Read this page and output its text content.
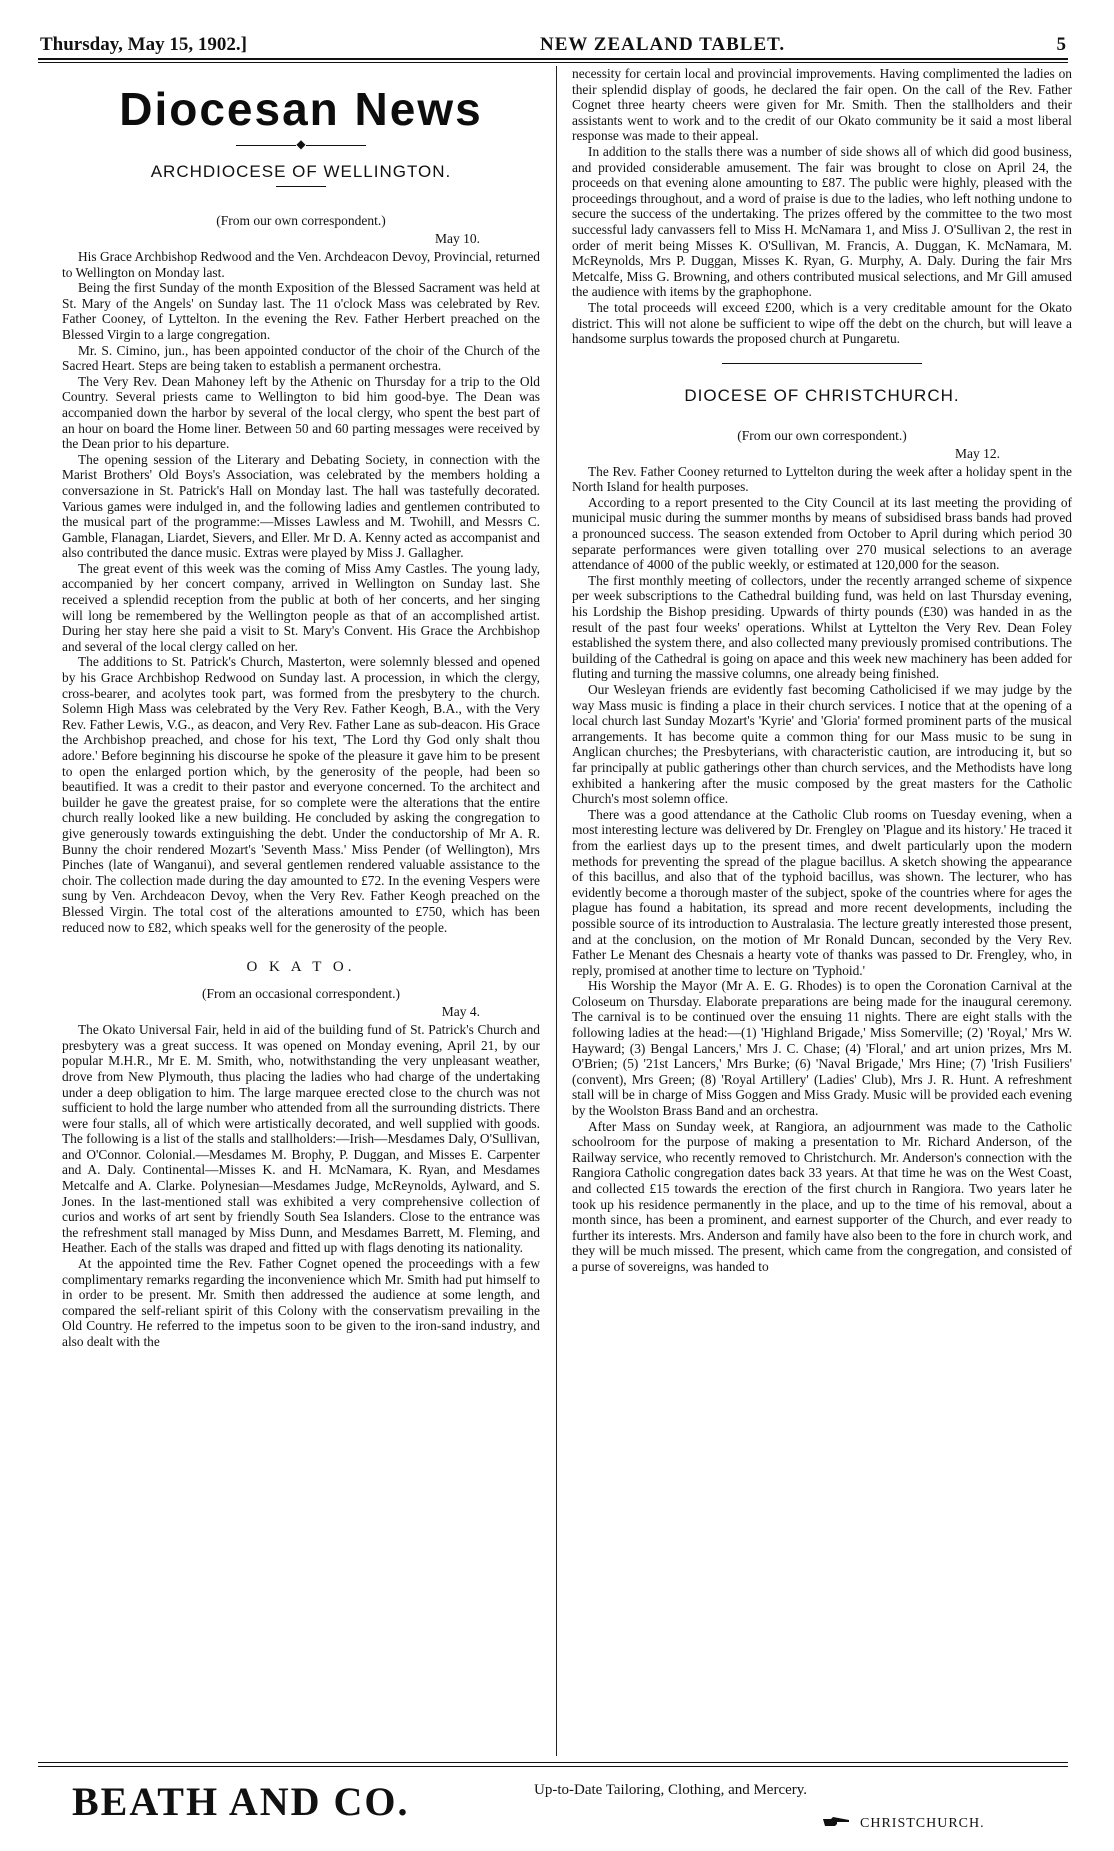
Thursday, May 15, 1902.]	NEW ZEALAND TABLET.	5
Diocesan News
◆
ARCHDIOCESE OF WELLINGTON.
(From our own correspondent.)
May 10.

His Grace Archbishop Redwood and the Ven. Archdeacon Devoy, Provincial, returned to Wellington on Monday last.

Being the first Sunday of the month Exposition of the Blessed Sacrament was held at St. Mary of the Angels' on Sunday last. The 11 o'clock Mass was celebrated by Rev. Father Cooney, of Lyttelton. In the evening the Rev. Father Herbert preached on the Blessed Virgin to a large congregation.

Mr. S. Cimino, jun., has been appointed conductor of the choir of the Church of the Sacred Heart. Steps are being taken to establish a permanent orchestra.

The Very Rev. Dean Mahoney left by the Athenic on Thursday for a trip to the Old Country. Several priests came to Wellington to bid him good-bye. The Dean was accompanied down the harbor by several of the local clergy, who spent the best part of an hour on board the Home liner. Between 50 and 60 parting messages were received by the Dean prior to his departure.

The opening session of the Literary and Debating Society, in connection with the Marist Brothers' Old Boys's Association, was celebrated by the members holding a conversazione in St. Patrick's Hall on Monday last. The hall was tastefully decorated. Various games were indulged in, and the following ladies and gentlemen contributed to the musical part of the programme:—Misses Lawless and M. Twohill, and Messrs C. Gamble, Flanagan, Liardet, Sievers, and Eller. Mr D. A. Kenny acted as accompanist and also contributed the dance music. Extras were played by Miss J. Gallagher.

The great event of this week was the coming of Miss Amy Castles. The young lady, accompanied by her concert company, arrived in Wellington on Sunday last. She received a splendid reception from the public at both of her concerts, and her singing will long be remembered by the Wellington people as that of an accomplished artist. During her stay here she paid a visit to St. Mary's Convent. His Grace the Archbishop and several of the local clergy called on her.

The additions to St. Patrick's Church, Masterton, were solemnly blessed and opened by his Grace Archbishop Redwood on Sunday last. A procession, in which the clergy, cross-bearer, and acolytes took part, was formed from the presbytery to the church. Solemn High Mass was celebrated by the Very Rev. Father Keogh, B.A., with the Very Rev. Father Lewis, V.G., as deacon, and Very Rev. Father Lane as sub-deacon. His Grace the Archbishop preached, and chose for his text, 'The Lord thy God only shalt thou adore.' Before beginning his discourse he spoke of the pleasure it gave him to be present to open the enlarged portion which, by the generosity of the people, had been so beautified. It was a credit to their pastor and everyone concerned. To the architect and builder he gave the greatest praise, for so complete were the alterations that the entire church really looked like a new building. He concluded by asking the congregation to give generously towards extinguishing the debt. Under the conductorship of Mr A. R. Bunny the choir rendered Mozart's 'Seventh Mass.' Miss Pender (of Wellington), Mrs Pinches (late of Wanganui), and several gentlemen rendered valuable assistance to the choir. The collection made during the day amounted to £72. In the evening Vespers were sung by Ven. Archdeacon Devoy, when the Very Rev. Father Keogh preached on the Blessed Virgin. The total cost of the alterations amounted to £750, which has been reduced now to £82, which speaks well for the generosity of the people.

O K A T O.
(From an occasional correspondent.)
May 4.

The Okato Universal Fair, held in aid of the building fund of St. Patrick's Church and presbytery was a great success. It was opened on Monday evening, April 21, by our popular M.H.R., Mr E. M. Smith, who, notwithstanding the very unpleasant weather, drove from New Plymouth, thus placing the ladies who had charge of the undertaking under a deep obligation to him. The large marquee erected close to the church was not sufficient to hold the large number who attended from all the surrounding districts. There were four stalls, all of which were artistically decorated, and well supplied with goods. The following is a list of the stalls and stallholders:—Irish—Mesdames Daly, O'Sullivan, and O'Connor. Colonial.—Mesdames M. Brophy, P. Duggan, and Misses E. Carpenter and A. Daly. Continental—Misses K. and H. McNamara, K. Ryan, and Mesdames Metcalfe and A. Clarke. Polynesian—Mesdames Judge, McReynolds, Aylward, and S. Jones. In the last-mentioned stall was exhibited a very comprehensive collection of curios and works of art sent by friendly South Sea Islanders. Close to the entrance was the refreshment stall managed by Miss Dunn, and Mesdames Barrett, M. Fleming, and Heather. Each of the stalls was draped and fitted up with flags denoting its nationality.

At the appointed time the Rev. Father Cognet opened the proceedings with a few complimentary remarks regarding the inconvenience which Mr. Smith had put himself to in order to be present. Mr. Smith then addressed the audience at some length, and compared the self-reliant spirit of this Colony with the conservatism prevailing in the Old Country. He referred to the impetus soon to be given to the iron-sand industry, and also dealt with the

necessity for certain local and provincial improvements. Having complimented the ladies on their splendid display of goods, he declared the fair open. On the call of the Rev. Father Cognet three hearty cheers were given for Mr. Smith. Then the stallholders and their assistants went to work and to the credit of our Okato community be it said a most liberal response was made to their appeal.

In addition to the stalls there was a number of side shows all of which did good business, and provided considerable amusement. The fair was brought to close on April 24, the proceeds on that evening alone amounting to £87. The public were highly, pleased with the proceedings throughout, and a word of praise is due to the ladies, who left nothing undone to secure the success of the undertaking. The prizes offered by the committee to the two most successful lady canvassers fell to Miss H. McNamara 1, and Miss J. O'Sullivan 2, the rest in order of merit being Misses K. O'Sullivan, M. Francis, A. Duggan, K. McNamara, M. McReynolds, Mrs P. Duggan, Misses K. Ryan, G. Murphy, A. Daly. During the fair Mrs Metcalfe, Miss G. Browning, and others contributed musical selections, and Mr Gill amused the audience with items by the graphophone.

The total proceeds will exceed £200, which is a very creditable amount for the Okato district. This will not alone be sufficient to wipe off the debt on the church, but will leave a handsome surplus towards the proposed church at Pungaretu.

DIOCESE OF CHRISTCHURCH.
(From our own correspondent.)
May 12.

The Rev. Father Cooney returned to Lyttelton during the week after a holiday spent in the North Island for health purposes.

According to a report presented to the City Council at its last meeting the providing of municipal music during the summer months by means of subsidised brass bands had proved a pronounced success. The season extended from October to April during which period 30 separate performances were given totalling over 270 musical selections to an average attendance of 4000 of the public weekly, or estimated at 120,000 for the season.

The first monthly meeting of collectors, under the recently arranged scheme of sixpence per week subscriptions to the Cathedral building fund, was held on last Thursday evening, his Lordship the Bishop presiding. Upwards of thirty pounds (£30) was handed in as the result of the past four weeks' operations. Whilst at Lyttelton the Very Rev. Dean Foley established the system there, and also collected many previously promised contributions. The building of the Cathedral is going on apace and this week new machinery has been added for fluting and turning the massive columns, one already being finished.

Our Wesleyan friends are evidently fast becoming Catholicised if we may judge by the way Mass music is finding a place in their church services. I notice that at the opening of a local church last Sunday Mozart's 'Kyrie' and 'Gloria' formed prominent parts of the musical arrangements. It has become quite a common thing for our Mass music to be sung in Anglican churches; the Presbyterians, with characteristic caution, are introducing it, but so far principally at public gatherings other than church services, and the Methodists have long exhibited a hankering after the music composed by the great masters for the Catholic Church's most solemn office.

There was a good attendance at the Catholic Club rooms on Tuesday evening, when a most interesting lecture was delivered by Dr. Frengley on 'Plague and its history.' He traced it from the earliest days up to the present times, and dwelt particularly upon the modern methods for preventing the spread of the plague bacillus. A sketch showing the appearance of this bacillus, and also that of the typhoid bacillus, was shown. The lecturer, who has evidently become a thorough master of the subject, spoke of the countries where for ages the plague has found a habitation, its spread and more recent developments, including the possible source of its introduction to Australasia. The lecture greatly interested those present, and at the conclusion, on the motion of Mr Ronald Duncan, seconded by the Very Rev. Father Le Menant des Chesnais a hearty vote of thanks was passed to Dr. Frengley, who, in reply, promised at another time to lecture on 'Typhoid.'

His Worship the Mayor (Mr A. E. G. Rhodes) is to open the Coronation Carnival at the Coloseum on Thursday. Elaborate preparations are being made for the inaugural ceremony. The carnival is to be continued over the ensuing 11 nights. There are eight stalls with the following ladies at the head:—(1) 'Highland Brigade,' Miss Somerville; (2) 'Royal,' Mrs W. Hayward; (3) Bengal Lancers,' Mrs J. C. Chase; (4) 'Floral,' and art union prizes, Mrs M. O'Brien; (5) '21st Lancers,' Mrs Burke; (6) 'Naval Brigade,' Mrs Hine; (7) 'Irish Fusiliers' (convent), Mrs Green; (8) 'Royal Artillery' (Ladies' Club), Mrs J. R. Hunt. A refreshment stall will be in charge of Miss Goggen and Miss Grady. Music will be provided each evening by the Woolston Brass Band and an orchestra.

After Mass on Sunday week, at Rangiora, an adjournment was made to the Catholic schoolroom for the purpose of making a presentation to Mr. Richard Anderson, of the Railway service, who recently removed to Christchurch. Mr. Anderson's connection with the Rangiora Catholic congregation dates back 33 years. At that time he was on the West Coast, and collected £15 towards the erection of the first church in Rangiora. Two years later he took up his residence permanently in the place, and up to the time of his removal, about a month since, has been a prominent, and earnest supporter of the Church, and ever ready to further its interests. Mrs. Anderson and family have also been to the fore in church work, and they will be much missed. The present, which came from the congregation, and consisted of a purse of sovereigns, was handed to

BEATH AND CO.	Up-to-Date Tailoring, Clothing, and Mercery.
CHRISTCHURCH.
